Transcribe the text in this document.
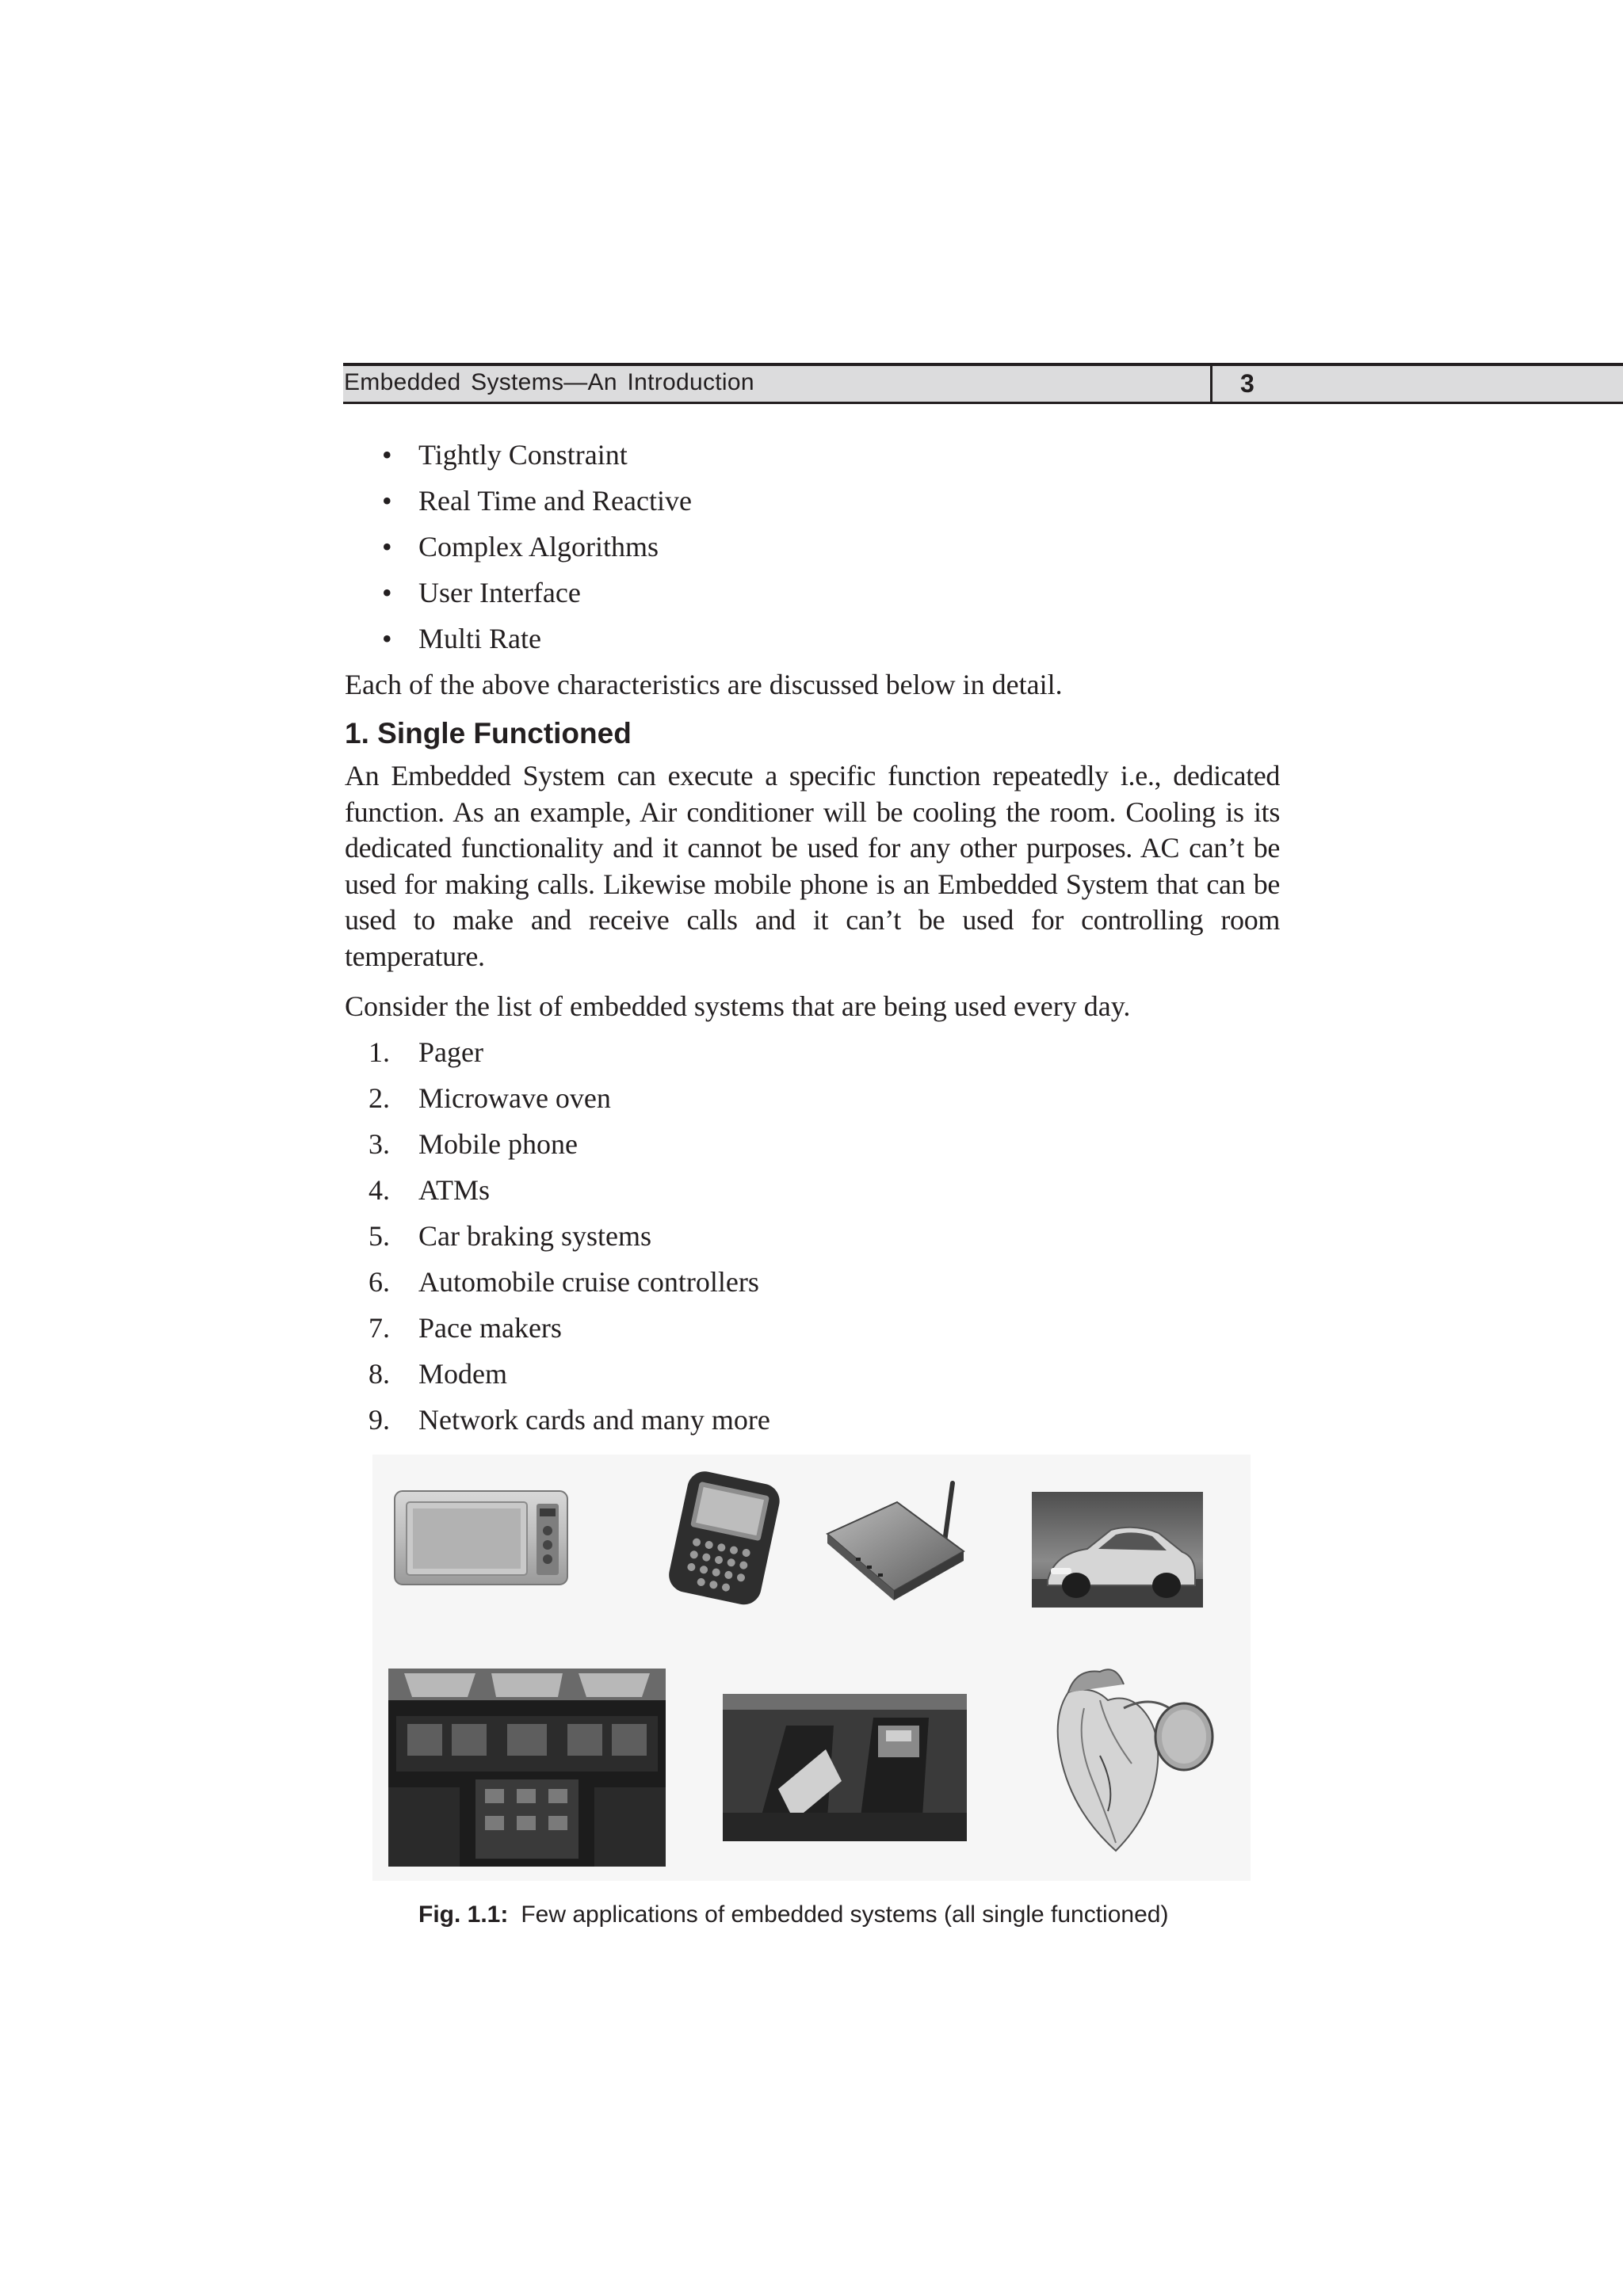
Embedded Systems—An Introduction	3
• Tightly Constraint
• Real Time and Reactive
• Complex Algorithms
• User Interface
• Multi Rate

Each of the above characteristics are discussed below in detail.

1. Single Functioned

An Embedded System can execute a specific function repeatedly i.e., dedicated function. As an example, Air conditioner will be cooling the room. Cooling is its dedicated functionality and it cannot be used for any other purposes. AC can’t be used for making calls. Likewise mobile phone is an Embedded System that can be used to make and receive calls and it can’t be used for controlling room temperature.

Consider the list of embedded systems that are being used every day.

1. Pager
2. Microwave oven
3. Mobile phone
4. ATMs
5. Car braking systems
6. Automobile cruise controllers
7. Pace makers
8. Modem
9. Network cards and many more
Fig. 1.1: Few applications of embedded systems (all single functioned)
